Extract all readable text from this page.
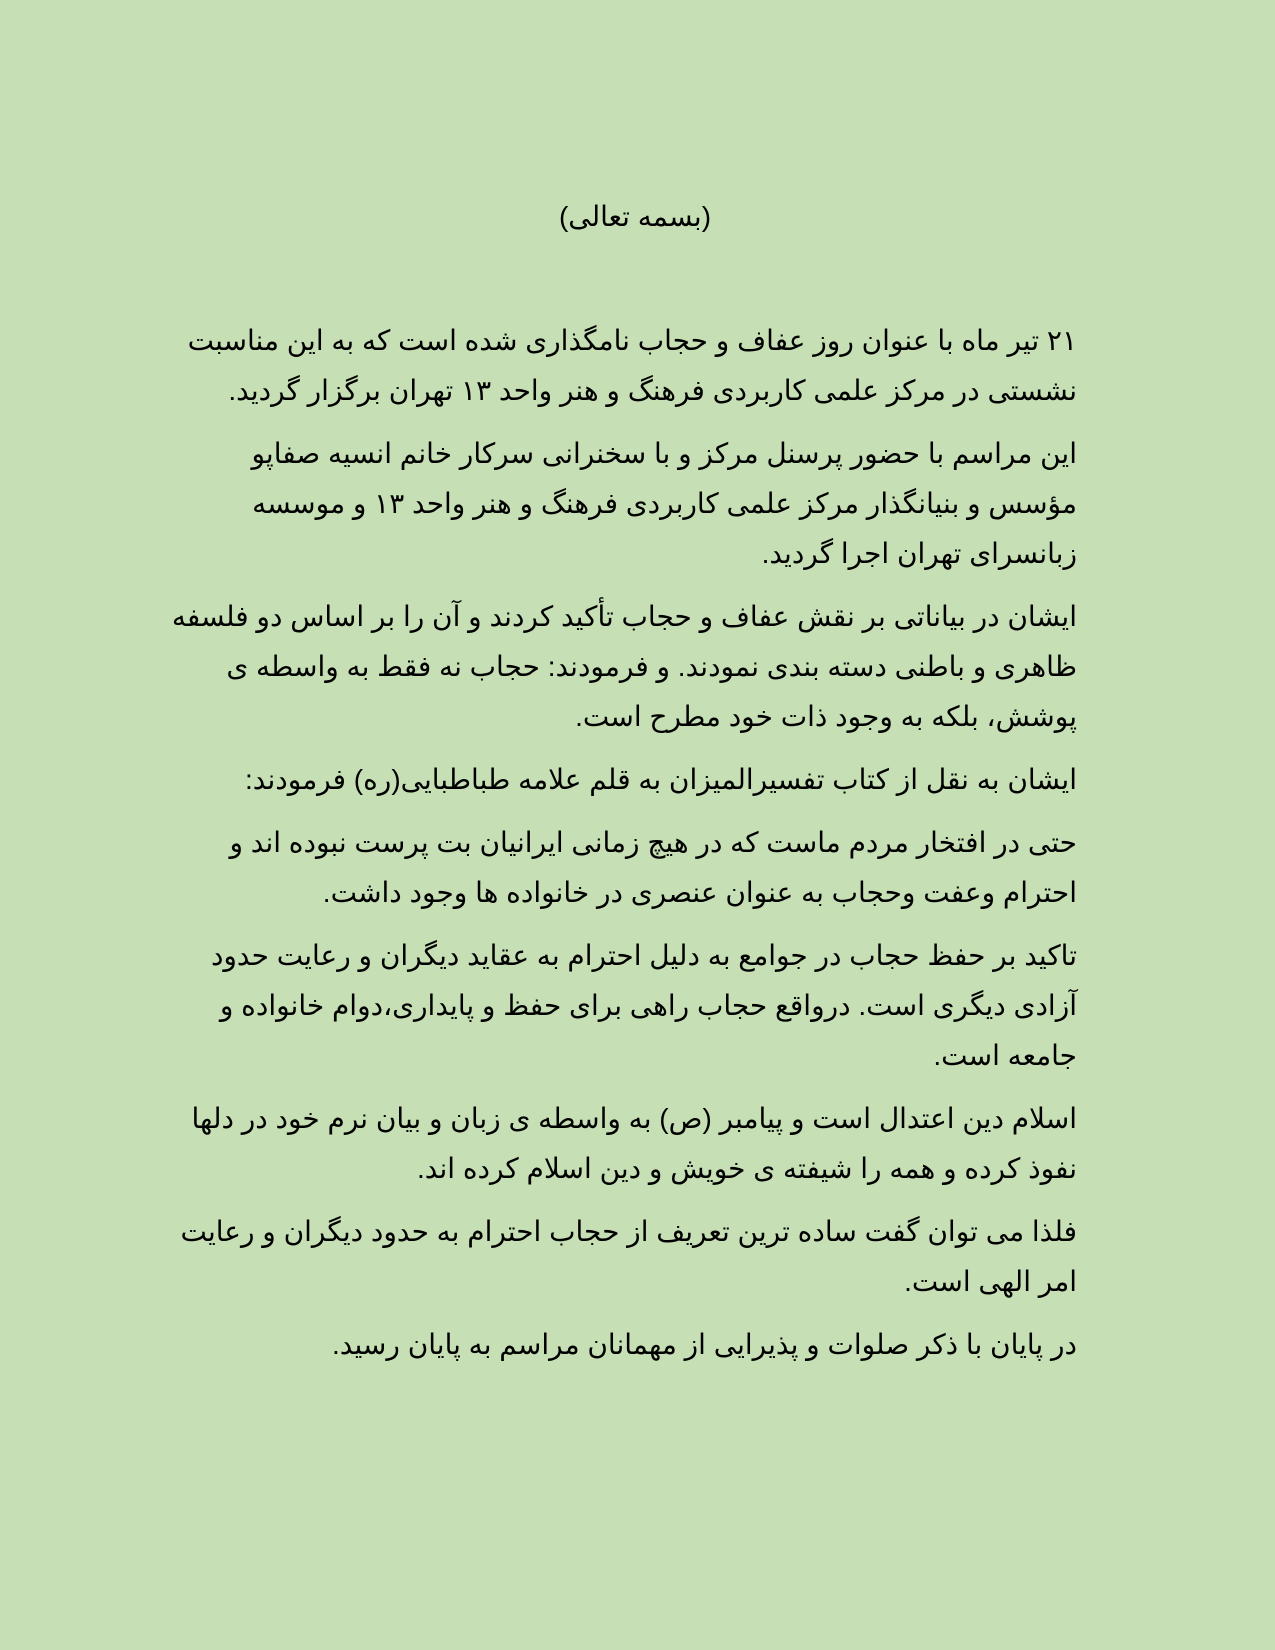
(بسمه تعالی)

۲۱ تیر ماه با عنوان روز عفاف و حجاب نامگذاری شده است که به این مناسبت نشستی در مرکز علمی کاربردی فرهنگ و هنر واحد ۱۳ تهران برگزار گردید.

این مراسم با حضور پرسنل مرکز و با سخنرانی سرکار خانم انسیه صفاپو مؤسس و بنیانگذار مرکز علمی کاربردی فرهنگ و هنر واحد ۱۳ و موسسه زبانسرای تهران اجرا گردید.

ایشان در بیاناتی بر نقش عفاف و حجاب تأکید کردند و آن را بر اساس دو فلسفه ظاهری و باطنی دسته بندی نمودند. و فرمودند: حجاب نه فقط به واسطه ی پوشش، بلکه به وجود ذات خود مطرح است.

ایشان به نقل از کتاب تفسیرالمیزان به قلم علامه طباطبایی(ره) فرمودند:

حتی در افتخار مردم ماست که در هیچ زمانی ایرانیان بت پرست نبوده اند و احترام وعفت وحجاب به عنوان عنصری در خانواده ها وجود داشت.

تاکید بر حفظ حجاب در جوامع به دلیل احترام به عقاید دیگران و رعایت حدود آزادی دیگری است. درواقع حجاب راهی برای حفظ و پایداری،دوام خانواده و جامعه است.

اسلام دین اعتدال است و پیامبر (ص) به واسطه ی زبان و بیان نرم خود در دلها نفوذ کرده و همه را شیفته ی خویش و دین اسلام کرده اند.

فلذا می توان گفت ساده ترین تعریف از حجاب احترام به حدود دیگران و رعایت امر الهی است.

در پایان با ذکر صلوات و پذیرایی از مهمانان مراسم به پایان رسید.
